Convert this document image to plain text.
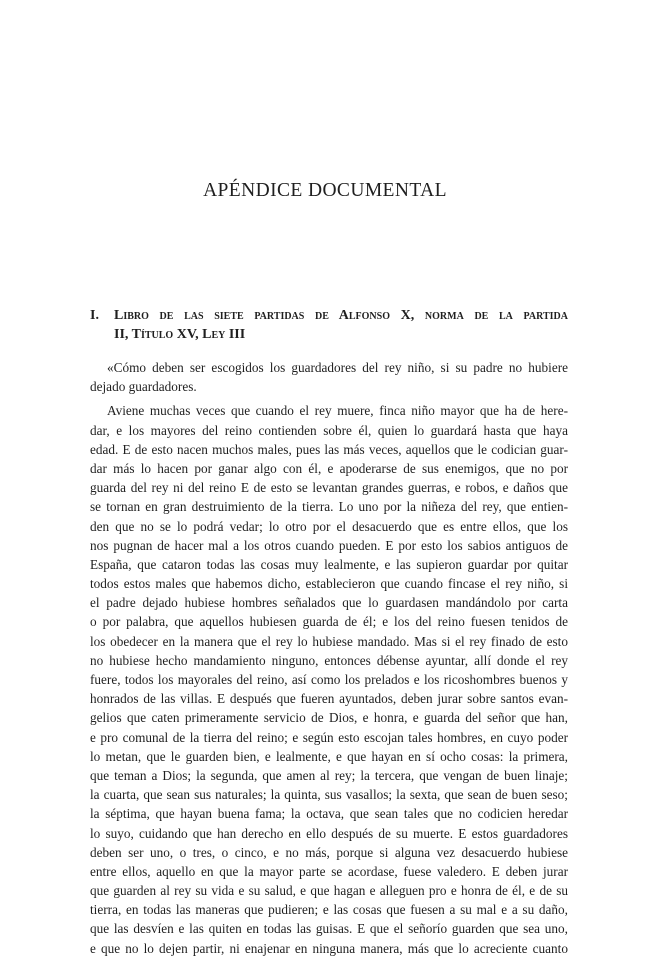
APÉNDICE DOCUMENTAL
I.	Libro de las siete partidas de Alfonso X, norma de la partida
II, Título XV, Ley III
«Cómo deben ser escogidos los guardadores del rey niño, si su padre no hubiere
dejado guardadores.
Aviene muchas veces que cuando el rey muere, finca niño mayor que ha de here-
dar, e los mayores del reino contienden sobre él, quien lo guardará hasta que haya
edad. E de esto nacen muchos males, pues las más veces, aquellos que le codician guar-
dar más lo hacen por ganar algo con él, e apoderarse de sus enemigos, que no por
guarda del rey ni del reino E de esto se levantan grandes guerras, e robos, e daños que
se tornan en gran destruimiento de la tierra. Lo uno por la niñeza del rey, que entien-
den que no se lo podrá vedar; lo otro por el desacuerdo que es entre ellos, que los
nos pugnan de hacer mal a los otros cuando pueden. E por esto los sabios antiguos de
España, que cataron todas las cosas muy lealmente, e las supieron guardar por quitar
todos estos males que habemos dicho, establecieron que cuando fincase el rey niño, si
el padre dejado hubiese hombres señalados que lo guardasen mandándolo por carta
o por palabra, que aquellos hubiesen guarda de él; e los del reino fuesen tenidos de
los obedecer en la manera que el rey lo hubiese mandado. Mas si el rey finado de esto
no hubiese hecho mandamiento ninguno, entonces débense ayuntar, allí donde el rey
fuere, todos los mayorales del reino, así como los prelados e los ricoshombres buenos y
honrados de las villas. E después que fueren ayuntados, deben jurar sobre santos evan-
gelios que caten primeramente servicio de Dios, e honra, e guarda del señor que han,
e pro comunal de la tierra del reino; e según esto escojan tales hombres, en cuyo poder
lo metan, que le guarden bien, e lealmente, e que hayan en sí ocho cosas: la primera,
que teman a Dios; la segunda, que amen al rey; la tercera, que vengan de buen linaje;
la cuarta, que sean sus naturales; la quinta, sus vasallos; la sexta, que sean de buen seso;
la séptima, que hayan buena fama; la octava, que sean tales que no codicien heredar
lo suyo, cuidando que han derecho en ello después de su muerte. E estos guardadores
deben ser uno, o tres, o cinco, e no más, porque si alguna vez desacuerdo hubiese
entre ellos, aquello en que la mayor parte se acordase, fuese valedero. E deben jurar
que guarden al rey su vida e su salud, e que hagan e alleguen pro e honra de él, e de su
tierra, en todas las maneras que pudieren; e las cosas que fuesen a su mal e a su daño,
que las desvíen e las quiten en todas las guisas. E que el señorío guarden que sea uno,
e que no lo dejen partir, ni enajenar en ninguna manera, más que lo acreciente cuanto
